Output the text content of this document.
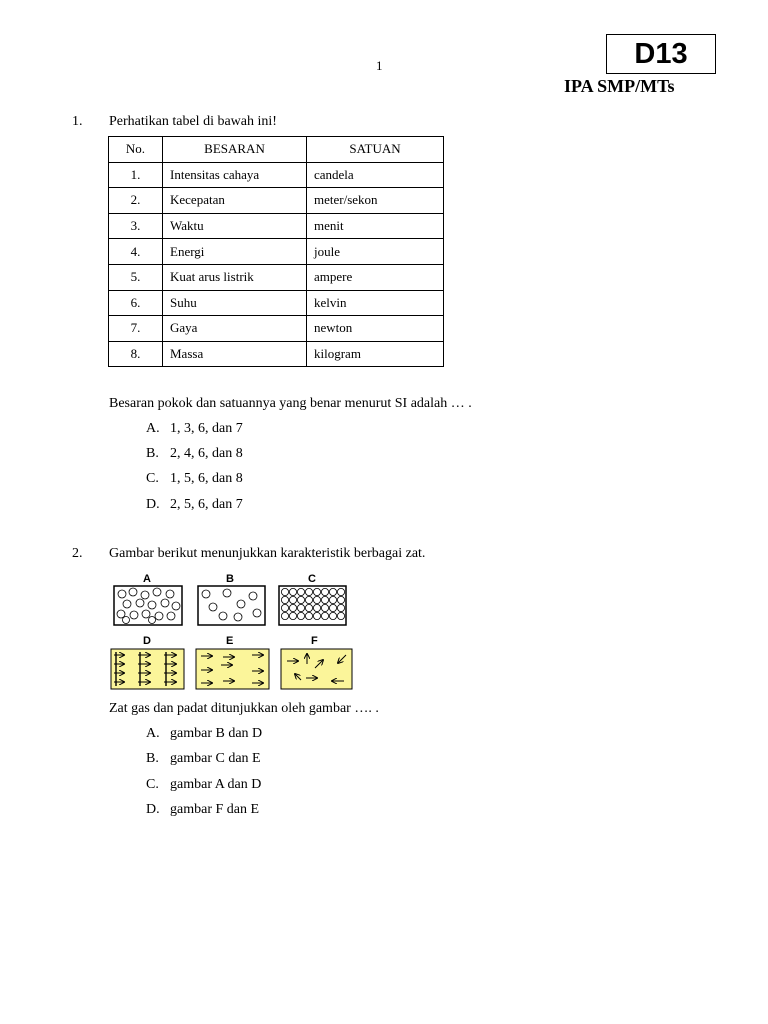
1	D13
IPA SMP/MTs
1. Perhatikan tabel di bawah ini!
No.	BESARAN	SATUAN
1.	Intensitas cahaya	candela
2.	Kecepatan	meter/sekon
3.	Waktu	menit
4.	Energi	joule
5.	Kuat arus listrik	ampere
6.	Suhu	kelvin
7.	Gaya	newton
8.	Massa	kilogram
Besaran pokok dan satuannya yang benar menurut SI adalah … .
A. 1, 3, 6, dan 7
B. 2, 4, 6, dan 8
C. 1, 5, 6, dan 8
D. 2, 5, 6, dan 7
2. Gambar berikut menunjukkan karakteristik berbagai zat.
A	B	C
D	E	F
Zat gas dan padat ditunjukkan oleh gambar …. .
A. gambar B dan D
B. gambar C dan E
C. gambar A dan D
D. gambar F dan E
